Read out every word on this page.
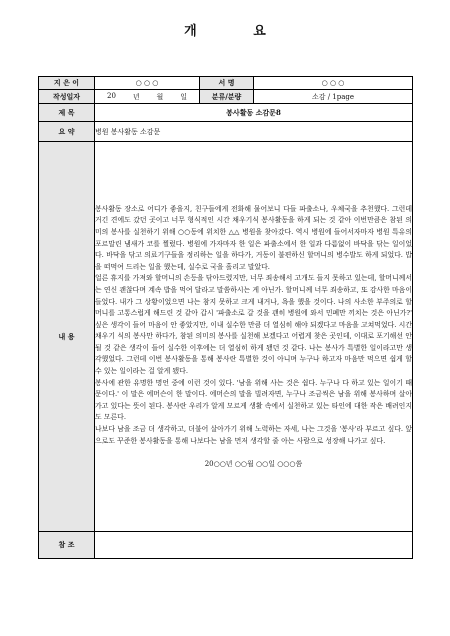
개 요
지 은 이	○ ○ ○	서 명	○ ○ ○
작성일자	20 년 월 일	분류/분량	소감 / 1page
제 목	봉사활동 소감문8		
요 약	병원 봉사활동 소감문		
내 용	봉사활동 장소로 어디가 좋을지, 친구들에게 전화해 물어보니 다들 파출소나, 우체국을 추천했다. 그런데 거긴 견에도 갔던 곳이고 너무 형식적인 시간 채우기식 봉사활동을 하게 되는 것 같아 이번만큼은 참된 의미의 봉사를 실천하기 위해 ○○동에 위치한 △△ 병원을 찾아갔다. 역시 병원에 들어서자마자 병원 특유의 포르말린 냄새가 코를 찔렀다. 병원에 가자마자 한 일은 파출소에서 한 일과 다름없이 바닥을 닦는 일이었다. 바닥을 닦고 의료기구들을 정리하는 일을 하다가, 거동이 불편하신 할머니의 병수발도 하게 되었다. 밥을 떠먹여 드리는 일을 했는데, 실수로 국을 흘리고 말았다.

얼른 휴지를 가져와 할머니의 손등을 닦아드렸지만, 너무 죄송해서 고개도 들지 못하고 있는데, 할머니께서는 연신 괜찮다며 계속 밥을 먹여 달라고 말씀하시는 게 아닌가. 할머니께 너무 죄송하고, 또 감사한 마음이 들었다. 내가 그 상황이었으면 나는 참지 못하고 크게 내거나, 욕을 했을 것이다. 나의 사소한 부주의로 할머니를 고통스럽게 해드린 것 같아 갑시 '파출소로 갈 것을 괜히 병원에 와서 민폐만 끼치는 것은 아닌가?' 싶은 생각이 들어 마음이 안 좋았지만, 이내 실수한 만큼 더 열심히 해야 되겠다고 마음을 고쳐먹었다. 시간 채우기 식의 봉사만 하다가, 참된 의미의 봉사를 실천해 보겠다고 어렵게 찾은 곳인데, 이대로 포기해선 안될 것 같은 생각이 들어 실수한 이후에는 더 열심히 하게 됐던 것 같다. 나는 봉사가 특별한 일이라고만 생각했었다. 그런데 이번 봉사활동을 통해 봉사란 특별한 것이 아니며 누구나 하고자 마음만 먹으면 쉽게 할 수 있는 일이라는 걸 알게 됐다.

봉사에 관한 유명한 명언 중에 이런 것이 있다. '남을 위해 사는 것은 쉽다. 누구나 다 하고 있는 일이기 때문이다.' 이 말은 에머슨이 한 말이다. 에머슨의 말을 빌려자면, 누구나 조금씩은 남을 위해 봉사하며 살아가고 있다는 뜻이 된다. 봉사란 우리가 알게 모르게 생활 속에서 실천하고 있는 타인에 대한 작은 배려인지도 모른다.

나보다 남을 조금 더 생각하고, 더불어 살아가기 위해 노력하는 자세, 나는 그것을 '봉사'라 부르고 싶다. 앞으로도 꾸준한 봉사활동을 통해 나보다는 남을 먼저 생각할 줄 아는 사람으로 성장해 나가고 싶다.

20○○년 ○○월 ○○일 ○○○씀		

참 조			
